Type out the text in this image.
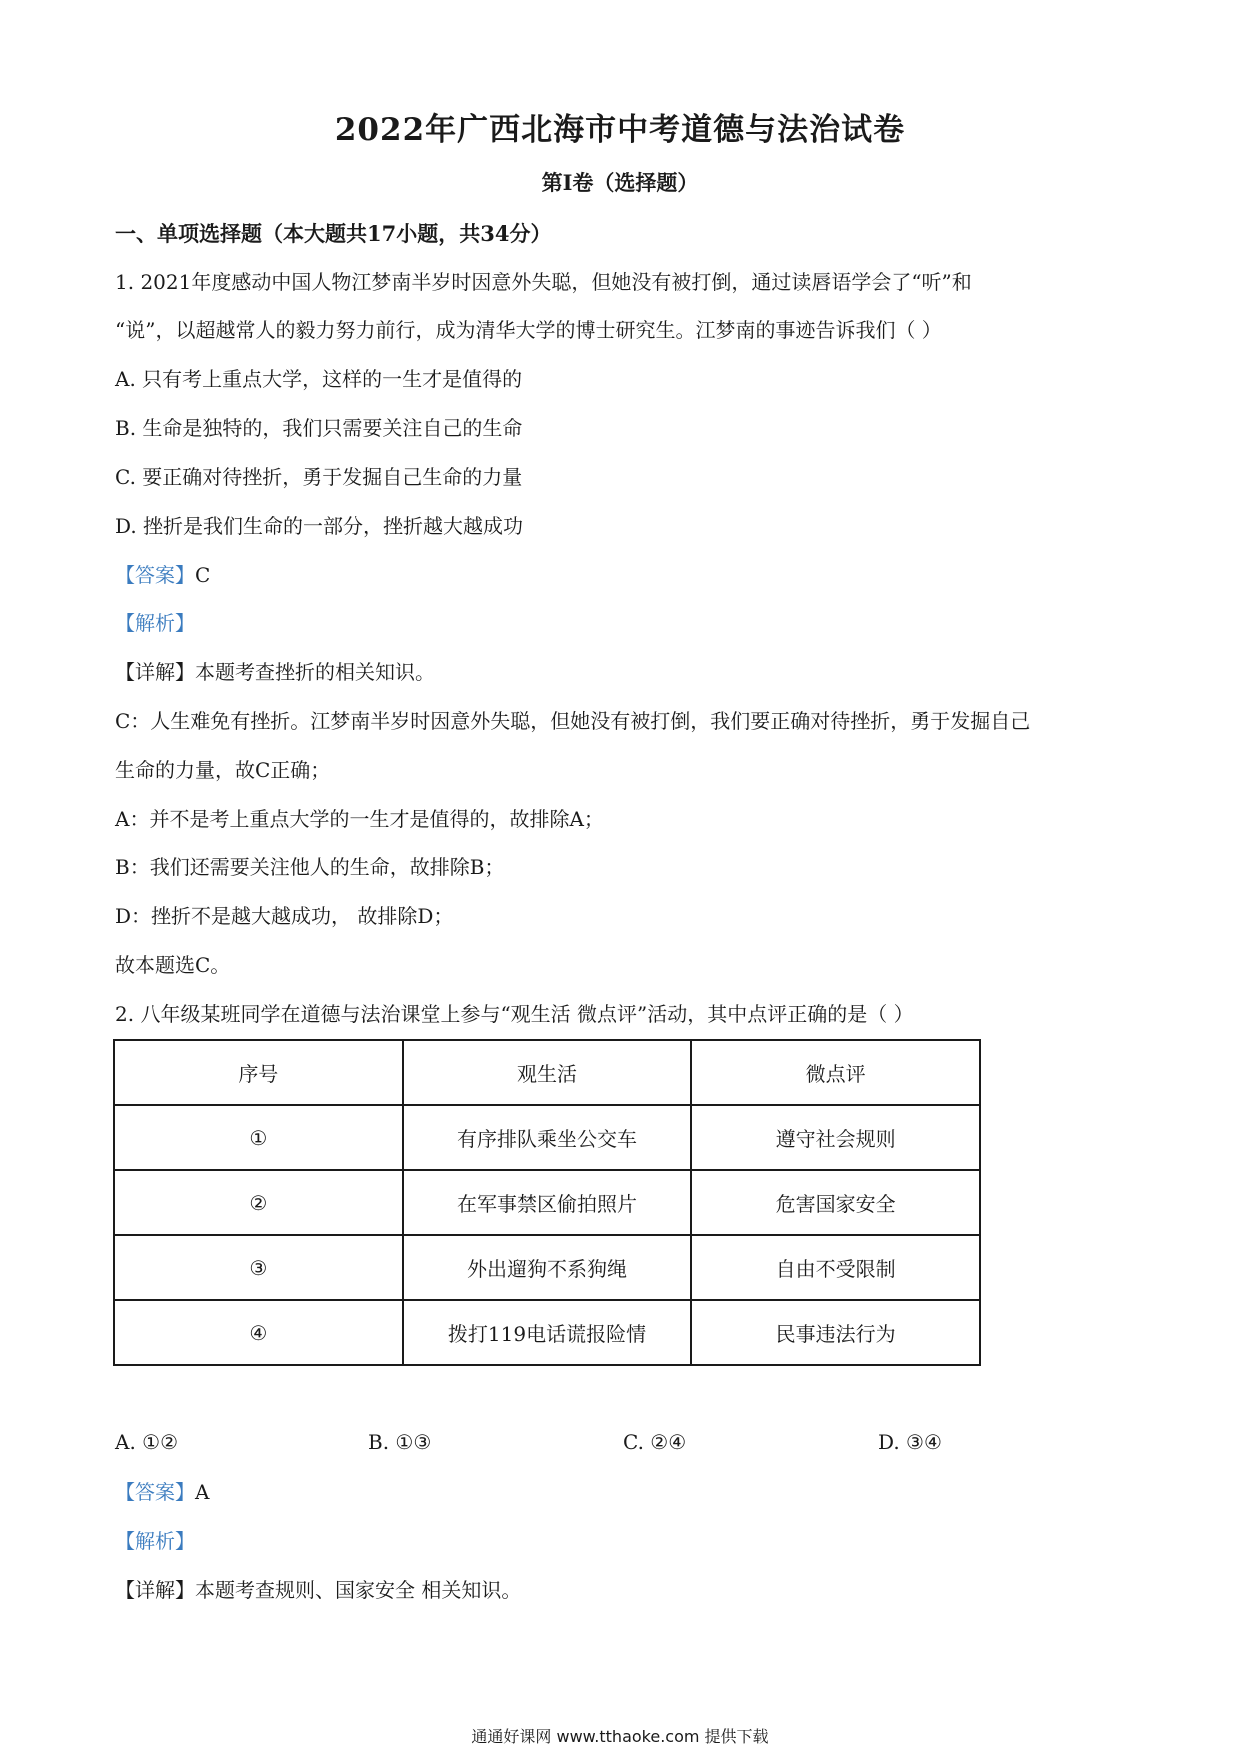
2022年广西北海市中考道德与法治试卷
第I卷（选择题）
一、单项选择题（本大题共17小题，共34分）
1. 2021年度感动中国人物江梦南半岁时因意外失聪，但她没有被打倒，通过读唇语学会了“听”和
“说”，以超越常人的毅力努力前行，成为清华大学的博士研究生。江梦南的事迹告诉我们（ ）
A. 只有考上重点大学，这样的一生才是值得的
B. 生命是独特的，我们只需要关注自己的生命
C. 要正确对待挫折，勇于发掘自己生命的力量
D. 挫折是我们生命的一部分，挫折越大越成功
【答案】C
【解析】
【详解】本题考查挫折的相关知识。
C：人生难免有挫折。江梦南半岁时因意外失聪，但她没有被打倒，我们要正确对待挫折，勇于发掘自己
生命的力量，故C正确；
A：并不是考上重点大学的一生才是值得的，故排除A；
B：我们还需要关注他人的生命，故排除B；
D：挫折不是越大越成功， 故排除D；
故本题选C。
2. 八年级某班同学在道德与法治课堂上参与“观生活 微点评”活动，其中点评正确的是（ ）
序号	观生活	微点评
①	有序排队乘坐公交车	遵守社会规则
②	在军事禁区偷拍照片	危害国家安全
③	外出遛狗不系狗绳	自由不受限制
④	拨打119电话谎报险情	民事违法行为
A. ①②	B. ①③	C. ②④	D. ③④
【答案】A
【解析】
【详解】本题考查规则、国家安全 相关知识。
通通好课网 www.tthaoke.com 提供下载
